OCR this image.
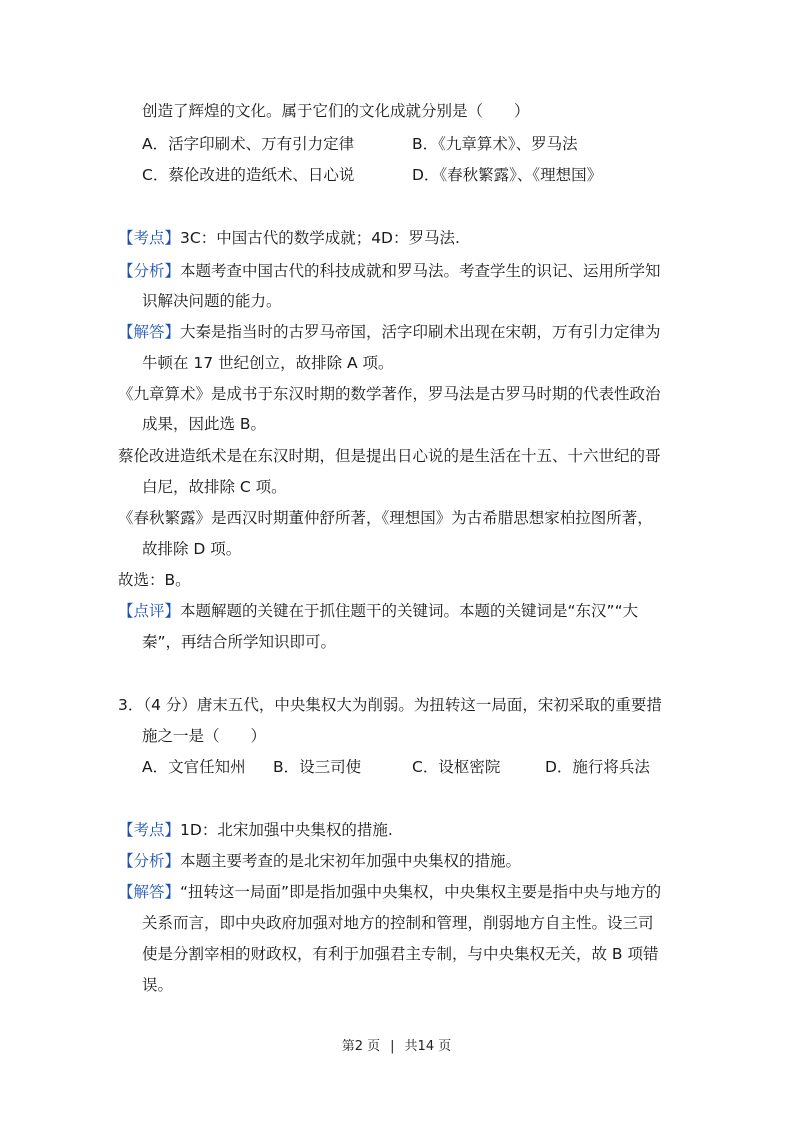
创造了辉煌的文化。属于它们的文化成就分别是（　　）
A．活字印刷术、万有引力定律	B．《九章算术》、罗马法
C．蔡伦改进的造纸术、日心说	D．《春秋繁露》、《理想国》
【考点】3C：中国古代的数学成就；4D：罗马法.
【分析】本题考查中国古代的科技成就和罗马法。考查学生的识记、运用所学知
识解决问题的能力。
【解答】大秦是指当时的古罗马帝国，活字印刷术出现在宋朝，万有引力定律为
牛顿在 17 世纪创立，故排除 A 项。
《九章算术》是成书于东汉时期的数学著作，罗马法是古罗马时期的代表性政治
成果，因此选 B。
蔡伦改进造纸术是在东汉时期，但是提出日心说的是生活在十五、十六世纪的哥
白尼，故排除 C 项。
《春秋繁露》是西汉时期董仲舒所著，《理想国》为古希腊思想家柏拉图所著，
故排除 D 项。
故选：B。
【点评】本题解题的关键在于抓住题干的关键词。本题的关键词是“东汉”“大
秦”，再结合所学知识即可。
3．（4 分）唐末五代，中央集权大为削弱。为扭转这一局面，宋初采取的重要措
施之一是（　　）
A．文官任知州 B．设三司使	C．设枢密院	D．施行将兵法
【考点】1D：北宋加强中央集权的措施.
【分析】本题主要考查的是北宋初年加强中央集权的措施。
【解答】“扭转这一局面”即是指加强中央集权，中央集权主要是指中央与地方的
关系而言，即中央政府加强对地方的控制和管理，削弱地方自主性。设三司
使是分割宰相的财政权，有利于加强君主专制，与中央集权无关，故 B 项错
误。
第2 页 | 共14 页
